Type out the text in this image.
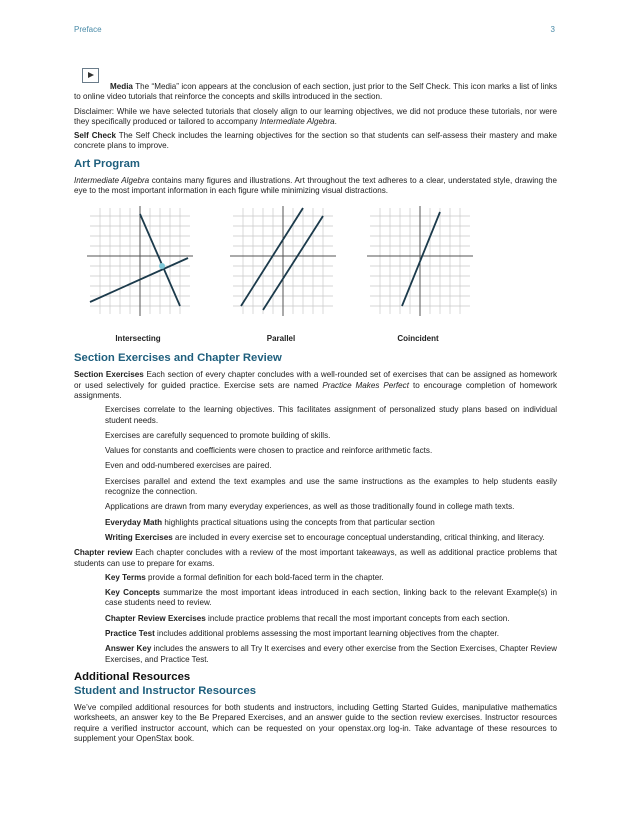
Preface	3

Media The “Media” icon appears at the conclusion of each section, just prior to the Self Check. This icon marks a list of links to online video tutorials that reinforce the concepts and skills introduced in the section.

Disclaimer: While we have selected tutorials that closely align to our learning objectives, we did not produce these tutorials, nor were they specifically produced or tailored to accompany Intermediate Algebra.

Self Check The Self Check includes the learning objectives for the section so that students can self-assess their mastery and make concrete plans to improve.

Art Program

Intermediate Algebra contains many figures and illustrations. Art throughout the text adheres to a clear, understated style, drawing the eye to the most important information in each figure while minimizing visual distractions.

Intersecting	Parallel	Coincident
Section Exercises and Chapter Review

Section Exercises Each section of every chapter concludes with a well-rounded set of exercises that can be assigned as homework or used selectively for guided practice. Exercise sets are named Practice Makes Perfect to encourage completion of homework assignments.

Exercises correlate to the learning objectives. This facilitates assignment of personalized study plans based on individual student needs.

Exercises are carefully sequenced to promote building of skills.

Values for constants and coefficients were chosen to practice and reinforce arithmetic facts.

Even and odd-numbered exercises are paired.

Exercises parallel and extend the text examples and use the same instructions as the examples to help students easily recognize the connection.

Applications are drawn from many everyday experiences, as well as those traditionally found in college math texts.

Everyday Math highlights practical situations using the concepts from that particular section

Writing Exercises are included in every exercise set to encourage conceptual understanding, critical thinking, and literacy.

Chapter review Each chapter concludes with a review of the most important takeaways, as well as additional practice problems that students can use to prepare for exams.

Key Terms provide a formal definition for each bold-faced term in the chapter.

Key Concepts summarize the most important ideas introduced in each section, linking back to the relevant Example(s) in case students need to review.

Chapter Review Exercises include practice problems that recall the most important concepts from each section.

Practice Test includes additional problems assessing the most important learning objectives from the chapter.

Answer Key includes the answers to all Try It exercises and every other exercise from the Section Exercises, Chapter Review Exercises, and Practice Test.

Additional Resources
Student and Instructor Resources

We’ve compiled additional resources for both students and instructors, including Getting Started Guides, manipulative mathematics worksheets, an answer key to the Be Prepared Exercises, and an answer guide to the section review exercises. Instructor resources require a verified instructor account, which can be requested on your openstax.org log-in. Take advantage of these resources to supplement your OpenStax book.
